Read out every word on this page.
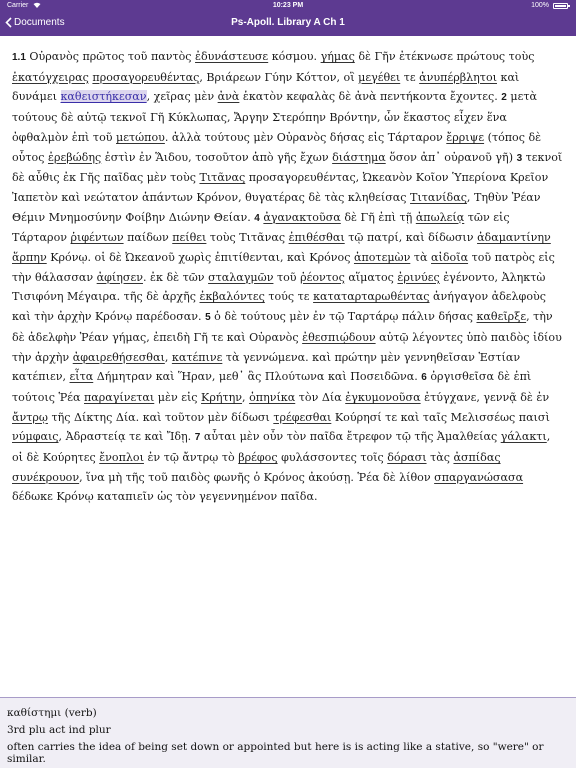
Carrier	10:23 PM	100%
Documents	Ps-Apoll. Library A Ch 1
1.1 Οὐρανὸς πρῶτος τοῦ παντὸς ἐδυνάστευσε κόσμου. γήμας δὲ Γῆν ἐτέκνωσε πρώτους τοὺς ἑκατόγχειρας προσαγορευθέντας, Βριάρεων Γύην Κόττον, οἳ μεγέθει τε ἀνυπέρβλητοι καὶ δυνάμει καθειστήκεσαν, χεῖρας μὲν ἀνὰ ἑκατὸν κεφαλὰς δὲ ἀνὰ πεντήκοντα ἔχοντες. 2 μετὰ τούτους δὲ αὐτῷ τεκνοῖ Γῆ Κύκλωπας, Ἄργην Στερόπην Βρόντην, ὧν ἕκαστος εἶχεν ἕνα ὀφθαλμὸν ἐπὶ τοῦ μετώπου. ἀλλὰ τούτους μὲν Οὐρανὸς δήσας εἰς Τάρταρον ἔρριψε (τόπος δὲ οὗτος ἐρεβώδης ἐστὶν ἐν Ἅιδου, τοσοῦτον ἀπὸ γῆς ἔχων διάστημα ὅσον ἀπ᾽ οὐρανοῦ γῆ) 3 τεκνοῖ δὲ αὖθις ἐκ Γῆς παῖδας μὲν τοὺς Τιτᾶνας προσαγορευθέντας, Ὠκεανὸν Κοῖον Ὑπερίονα Κρεῖον Ἰαπετὸν καὶ νεώτατον ἁπάντων Κρόνον, θυγατέρας δὲ τὰς κληθείσας Τιτανίδας, Τηθὺν Ῥέαν Θέμιν Μνημοσύνην Φοίβην Διώνην Θείαν. 4 ἀγανακτοῦσα δὲ Γῆ ἐπὶ τῇ ἀπωλείᾳ τῶν εἰς Τάρταρον ῥιφέντων παίδων πείθει τοὺς Τιτᾶνας ἐπιθέσθαι τῷ πατρί, καὶ δίδωσιν ἀδαμαντίνην ἅρπην Κρόνῳ. οἱ δὲ Ὠκεανοῦ χωρὶς ἐπιτίθενται, καὶ Κρόνος ἀποτεμὼν τὰ αἰδοῖα τοῦ πατρὸς εἰς τὴν θάλασσαν ἀφίησεν. ἐκ δὲ τῶν σταλαγμῶν τοῦ ῥέοντος αἵματος ἐρινύες ἐγένοντο, Ἀληκτὼ Τισιφόνη Μέγαιρα. τῆς δὲ ἀρχῆς ἐκβαλόντες τούς τε καταταρταρωθέντας ἀνήγαγον ἀδελφοὺς καὶ τὴν ἀρχὴν Κρόνῳ παρέδοσαν. 5 ὁ δὲ τούτους μὲν ἐν τῷ Ταρτάρῳ πάλιν δήσας καθεῖρξε, τὴν δὲ ἀδελφὴν Ῥέαν γήμας, ἐπειδὴ Γῆ τε καὶ Οὐρανὸς ἐθεσπιῴδουν αὐτῷ λέγοντες ὑπὸ παιδὸς ἰδίου τὴν ἀρχὴν ἀφαιρεθήσεσθαι, κατέπινε τὰ γεννώμενα. καὶ πρώτην μὲν γεννηθεῖσαν Ἑστίαν κατέπιεν, εἶτα Δήμητραν καὶ Ἥραν, μεθ᾽ ἃς Πλούτωνα καὶ Ποσειδῶνα. 6 ὀργισθεῖσα δὲ ἐπὶ τούτοις Ῥέα παραγίνεται μὲν εἰς Κρήτην, ὁπηνίκα τὸν Δία ἐγκυμονοῦσα ἐτύγχανε, γεννᾷ δὲ ἐν ἄντρῳ τῆς Δίκτης Δία. καὶ τοῦτον μὲν δίδωσι τρέφεσθαι Κούρησί τε καὶ ταῖς Μελισσέως παισὶ νύμφαις, Ἀδραστείᾳ τε καὶ Ἴδῃ. 7 αὗται μὲν οὖν τὸν παῖδα ἔτρεφον τῷ τῆς Ἀμαλθείας γάλακτι, οἱ δὲ Κούρητες ἔνοπλοι ἐν τῷ ἄντρῳ τὸ βρέφος φυλάσσοντες τοῖς δόρασι τὰς ἀσπίδας συνέκρουον, ἵνα μὴ τῆς τοῦ παιδὸς φωνῆς ὁ Κρόνος ἀκούσῃ. Ῥέα δὲ λίθον σπαργανώσασα δέδωκε Κρόνῳ καταπιεῖν ὡς τὸν γεγεννημένον παῖδα.
καθίστημι (verb)
3rd plu act ind plur
often carries the idea of being set down or appointed but here is is acting like a stative, so "were" or similar.
